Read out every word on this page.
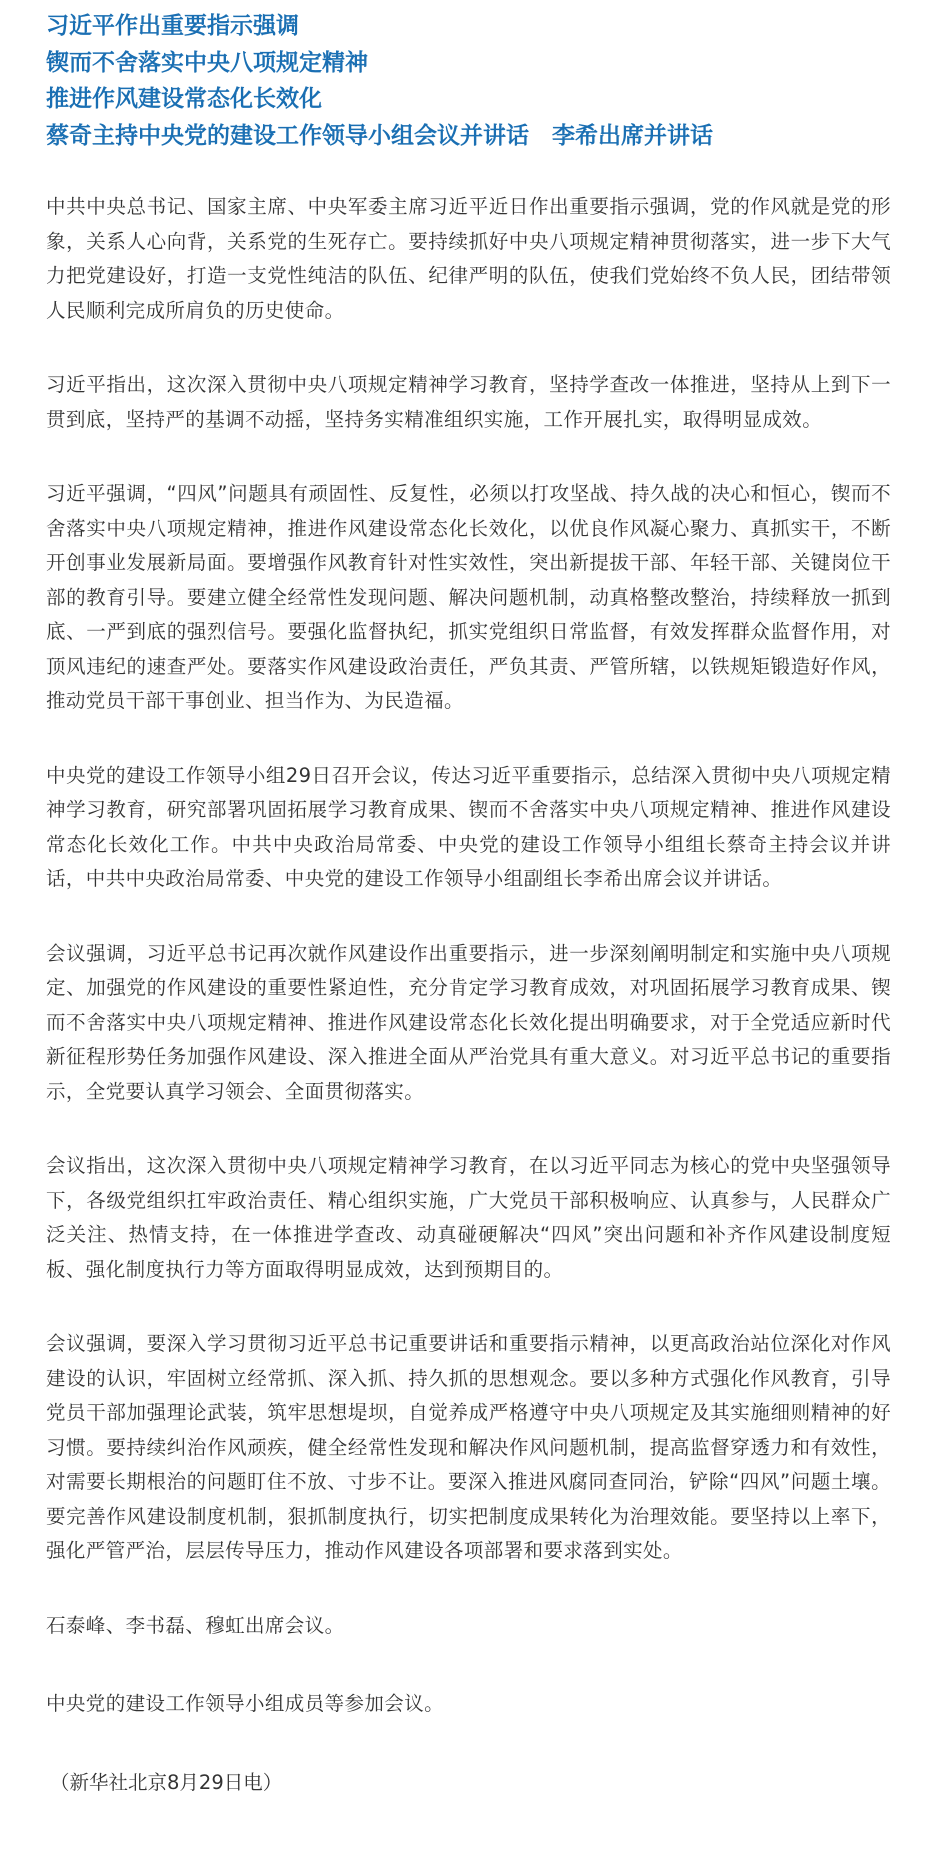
习近平作出重要指示强调

锲而不舍落实中央八项规定精神

推进作风建设常态化长效化

蔡奇主持中央党的建设工作领导小组会议并讲话　李希出席并讲话

中共中央总书记、国家主席、中央军委主席习近平近日作出重要指示强调，党的作风就是党的形象，关系人心向背，关系党的生死存亡。要持续抓好中央八项规定精神贯彻落实，进一步下大气力把党建设好，打造一支党性纯洁的队伍、纪律严明的队伍，使我们党始终不负人民，团结带领人民顺利完成所肩负的历史使命。

习近平指出，这次深入贯彻中央八项规定精神学习教育，坚持学查改一体推进，坚持从上到下一贯到底，坚持严的基调不动摇，坚持务实精准组织实施，工作开展扎实，取得明显成效。

习近平强调，“四风”问题具有顽固性、反复性，必须以打攻坚战、持久战的决心和恒心，锲而不舍落实中央八项规定精神，推进作风建设常态化长效化，以优良作风凝心聚力、真抓实干，不断开创事业发展新局面。要增强作风教育针对性实效性，突出新提拔干部、年轻干部、关键岗位干部的教育引导。要建立健全经常性发现问题、解决问题机制，动真格整改整治，持续释放一抓到底、一严到底的强烈信号。要强化监督执纪，抓实党组织日常监督，有效发挥群众监督作用，对顶风违纪的速查严处。要落实作风建设政治责任，严负其责、严管所辖，以铁规矩锻造好作风，推动党员干部干事创业、担当作为、为民造福。

中央党的建设工作领导小组29日召开会议，传达习近平重要指示，总结深入贯彻中央八项规定精神学习教育，研究部署巩固拓展学习教育成果、锲而不舍落实中央八项规定精神、推进作风建设常态化长效化工作。中共中央政治局常委、中央党的建设工作领导小组组长蔡奇主持会议并讲话，中共中央政治局常委、中央党的建设工作领导小组副组长李希出席会议并讲话。

会议强调，习近平总书记再次就作风建设作出重要指示，进一步深刻阐明制定和实施中央八项规定、加强党的作风建设的重要性紧迫性，充分肯定学习教育成效，对巩固拓展学习教育成果、锲而不舍落实中央八项规定精神、推进作风建设常态化长效化提出明确要求，对于全党适应新时代新征程形势任务加强作风建设、深入推进全面从严治党具有重大意义。对习近平总书记的重要指示，全党要认真学习领会、全面贯彻落实。

会议指出，这次深入贯彻中央八项规定精神学习教育，在以习近平同志为核心的党中央坚强领导下，各级党组织扛牢政治责任、精心组织实施，广大党员干部积极响应、认真参与，人民群众广泛关注、热情支持，在一体推进学查改、动真碰硬解决“四风”突出问题和补齐作风建设制度短板、强化制度执行力等方面取得明显成效，达到预期目的。

会议强调，要深入学习贯彻习近平总书记重要讲话和重要指示精神，以更高政治站位深化对作风建设的认识，牢固树立经常抓、深入抓、持久抓的思想观念。要以多种方式强化作风教育，引导党员干部加强理论武装，筑牢思想堤坝，自觉养成严格遵守中央八项规定及其实施细则精神的好习惯。要持续纠治作风顽疾，健全经常性发现和解决作风问题机制，提高监督穿透力和有效性，对需要长期根治的问题盯住不放、寸步不让。要深入推进风腐同查同治，铲除“四风”问题土壤。要完善作风建设制度机制，狠抓制度执行，切实把制度成果转化为治理效能。要坚持以上率下，强化严管严治，层层传导压力，推动作风建设各项部署和要求落到实处。

石泰峰、李书磊、穆虹出席会议。

中央党的建设工作领导小组成员等参加会议。

（新华社北京8月29日电）
